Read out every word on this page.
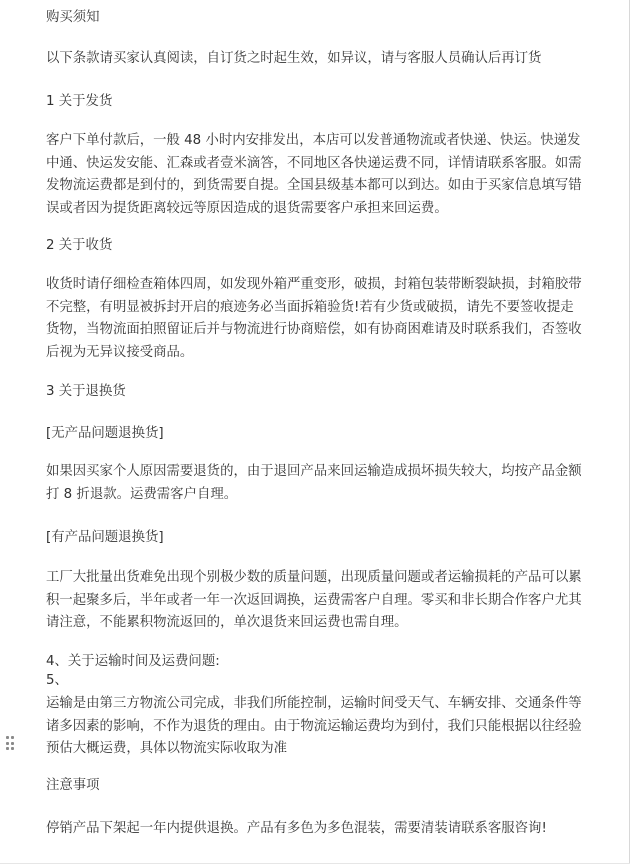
购买须知
以下条款请买家认真阅读，自订货之时起生效，如异议，请与客服人员确认后再订货
1 关于发货
客户下单付款后，一般 48 小时内安排发出，本店可以发普通物流或者快递、快运。快递发
中通、快运发安能、汇森或者壹米滴答，不同地区各快递运费不同，详情请联系客服。如需
发物流运费都是到付的，到货需要自提。全国县级基本都可以到达。如由于买家信息填写错
误或者因为提货距离较远等原因造成的退货需要客户承担来回运费。
2 关于收货
收货时请仔细检查箱体四周，如发现外箱严重变形，破损，封箱包装带断裂缺损，封箱胶带
不完整，有明显被拆封开启的痕迹务必当面拆箱验货!若有少货或破损，请先不要签收提走
货物，当物流面拍照留证后并与物流进行协商赔偿，如有协商困难请及时联系我们，否签收
后视为无异议接受商品。
3 关于退换货
[无产品问题退换货]
如果因买家个人原因需要退货的，由于退回产品来回运输造成损坏损失较大，均按产品金额
打 8 折退款。运费需客户自理。
[有产品问题退换货]
工厂大批量出货难免出现个别极少数的质量问题，出现质量问题或者运输损耗的产品可以累
积一起聚多后，半年或者一年一次返回调换，运费需客户自理。零买和非长期合作客户尤其
请注意，不能累积物流返回的，单次退货来回运费也需自理。
4、关于运输时间及运费问题:
5、
运输是由第三方物流公司完成，非我们所能控制，运输时间受天气、车辆安排、交通条件等
诸多因素的影响，不作为退货的理由。由于物流运输运费均为到付，我们只能根据以往经验
预估大概运费，具体以物流实际收取为准
注意事项
停销产品下架起一年内提供退换。产品有多色为多色混装，需要清装请联系客服咨询!
